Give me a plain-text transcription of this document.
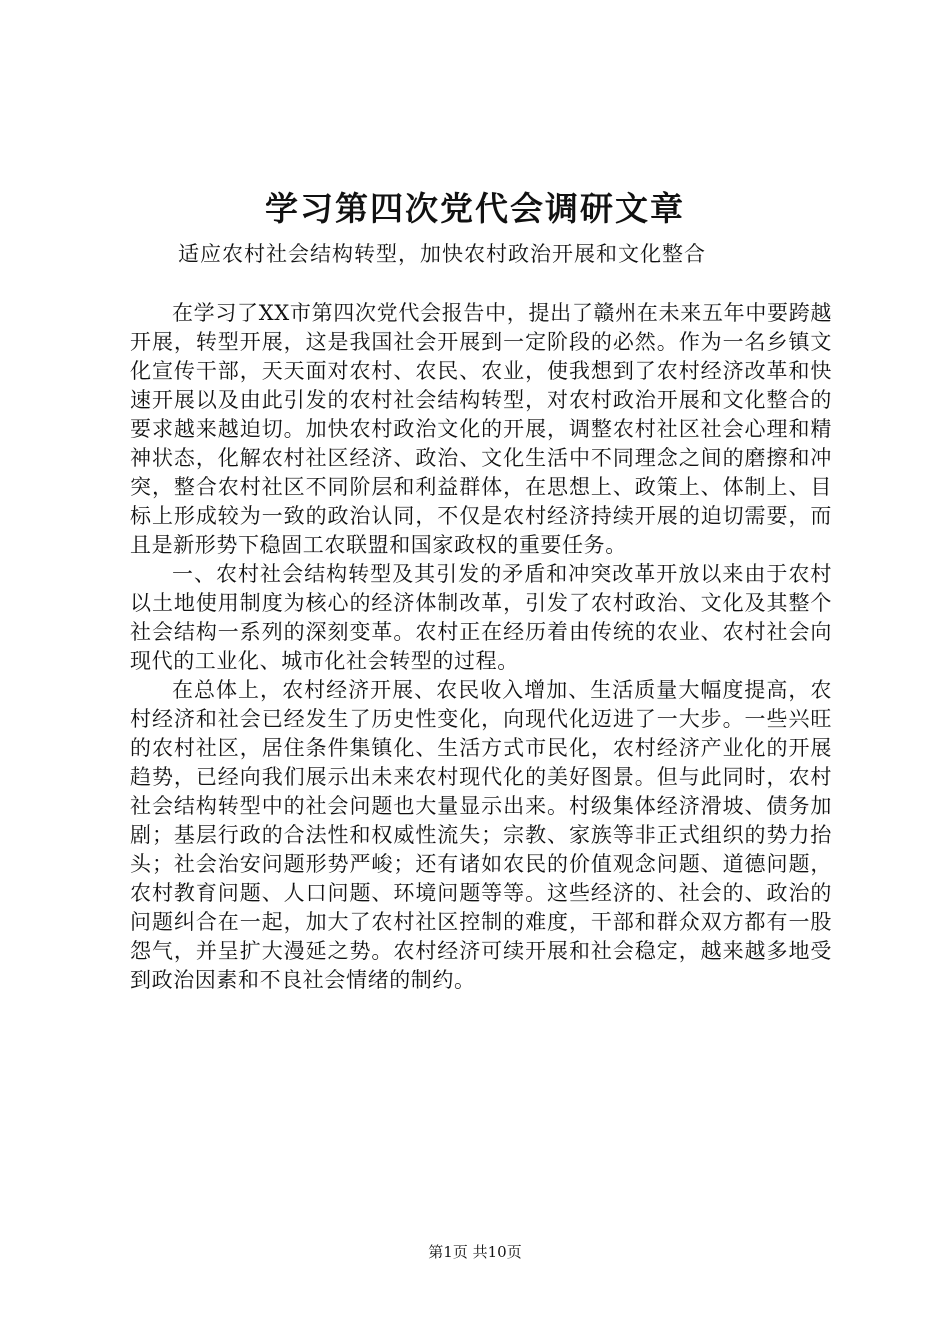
学习第四次党代会调研文章
适应农村社会结构转型，加快农村政治开展和文化整合

在学习了XX市第四次党代会报告中，提出了赣州在未来五年中要跨越开展，转型开展，这是我国社会开展到一定阶段的必然。作为一名乡镇文化宣传干部，天天面对农村、农民、农业，使我想到了农村经济改革和快速开展以及由此引发的农村社会结构转型，对农村政治开展和文化整合的要求越来越迫切。加快农村政治文化的开展，调整农村社区社会心理和精神状态，化解农村社区经济、政治、文化生活中不同理念之间的磨擦和冲突，整合农村社区不同阶层和利益群体，在思想上、政策上、体制上、目标上形成较为一致的政治认同，不仅是农村经济持续开展的迫切需要，而且是新形势下稳固工农联盟和国家政权的重要任务。

一、农村社会结构转型及其引发的矛盾和冲突改革开放以来由于农村以土地使用制度为核心的经济体制改革，引发了农村政治、文化及其整个社会结构一系列的深刻变革。农村正在经历着由传统的农业、农村社会向现代的工业化、城市化社会转型的过程。

在总体上，农村经济开展、农民收入增加、生活质量大幅度提高，农村经济和社会已经发生了历史性变化，向现代化迈进了一大步。一些兴旺的农村社区，居住条件集镇化、生活方式市民化，农村经济产业化的开展趋势，已经向我们展示出未来农村现代化的美好图景。但与此同时，农村社会结构转型中的社会问题也大量显示出来。村级集体经济滑坡、债务加剧；基层行政的合法性和权威性流失；宗教、家族等非正式组织的势力抬头；社会治安问题形势严峻；还有诸如农民的价值观念问题、道德问题，农村教育问题、人口问题、环境问题等等。这些经济的、社会的、政治的问题纠合在一起，加大了农村社区控制的难度，干部和群众双方都有一股怨气，并呈扩大漫延之势。农村经济可续开展和社会稳定，越来越多地受到政治因素和不良社会情绪的制约。

第1页 共10页
